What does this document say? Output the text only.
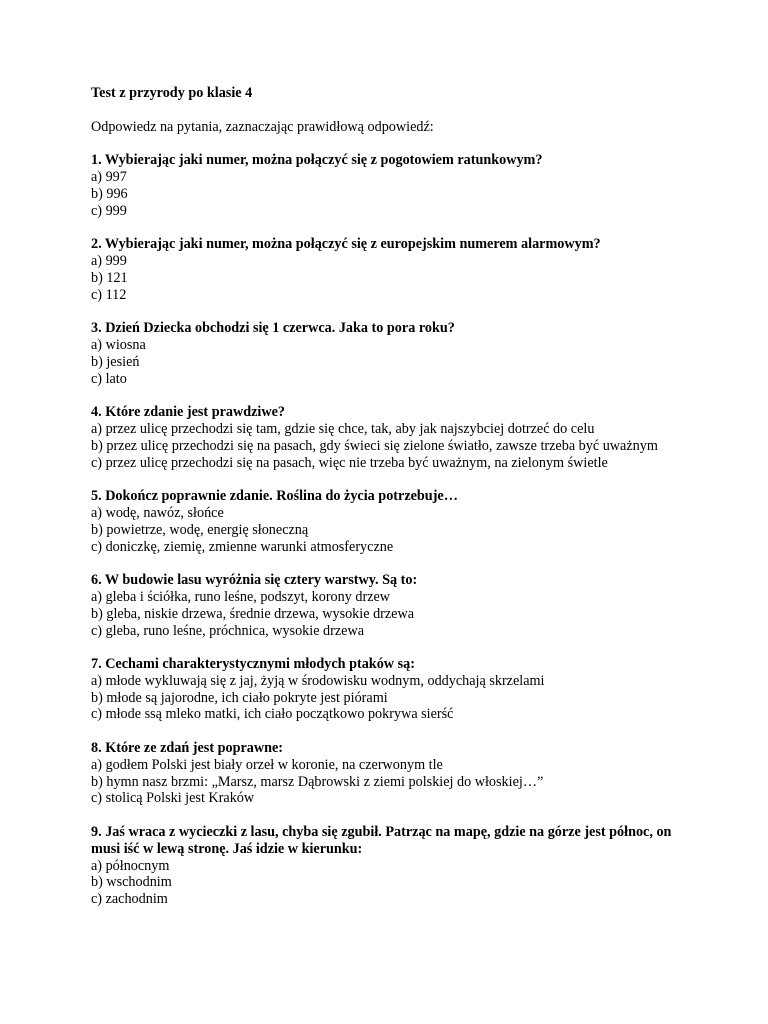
Test z przyrody po klasie 4
Odpowiedz na pytania, zaznaczając prawidłową odpowiedź:
1. Wybierając jaki numer, można połączyć się z pogotowiem ratunkowym?
a) 997
b) 996
c) 999
2. Wybierając jaki numer, można połączyć się z europejskim numerem alarmowym?
a) 999
b) 121
c) 112
3. Dzień Dziecka obchodzi się 1 czerwca. Jaka to pora roku?
a) wiosna
b) jesień
c) lato
4. Które zdanie jest prawdziwe?
a) przez ulicę przechodzi się tam, gdzie się chce, tak, aby jak najszybciej dotrzeć do celu
b) przez ulicę przechodzi się na pasach, gdy świeci się zielone światło, zawsze trzeba być uważnym
c) przez ulicę przechodzi się na pasach, więc nie trzeba być uważnym, na zielonym świetle
5. Dokończ poprawnie zdanie. Roślina do życia potrzebuje…
a) wodę, nawóz, słońce
b) powietrze, wodę, energię słoneczną
c) doniczkę, ziemię, zmienne warunki atmosferyczne
6. W budowie lasu wyróżnia się cztery warstwy. Są to:
a) gleba i ściółka, runo leśne, podszyt, korony drzew
b) gleba, niskie drzewa, średnie drzewa, wysokie drzewa
c) gleba, runo leśne, próchnica, wysokie drzewa
7. Cechami charakterystycznymi młodych ptaków są:
a) młode wykluwają się z jaj, żyją w środowisku wodnym, oddychają skrzelami
b) młode są jajorodne, ich ciało pokryte jest piórami
c) młode ssą mleko matki, ich ciało początkowo pokrywa sierść
8. Które ze zdań jest poprawne:
a) godłem Polski jest biały orzeł w koronie, na czerwonym tle
b) hymn nasz brzmi: „Marsz, marsz Dąbrowski z ziemi polskiej do włoskiej…”
c) stolicą Polski jest Kraków
9. Jaś wraca z wycieczki z lasu, chyba się zgubił. Patrząc na mapę, gdzie na górze jest północ, on musi iść w lewą stronę. Jaś idzie w kierunku:
a) północnym
b) wschodnim
c) zachodnim
